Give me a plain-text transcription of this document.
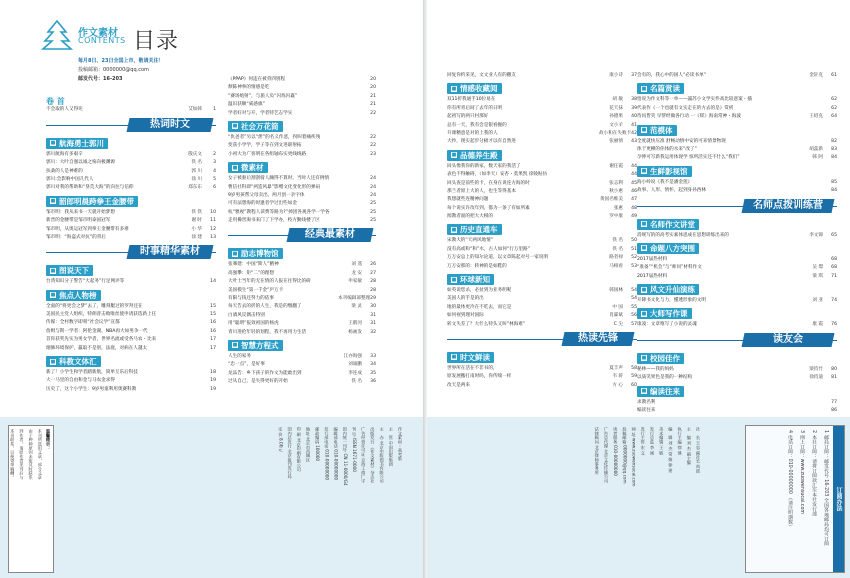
作文素材
CONTENTS 目录
每月8日、23日全国上市，敬请关注！
投稿邮箱：0000000@qq.com
邮发代号：16-203
卷 首
不会取的人又得诧	艾如韩	1
热词时文
■ 航海勇士郭川
郭川航海有多艰辛	殷庆文	2
郭川：大叶自强以诚之殇向极渊源	佚 名	3
扶桑的人是神难的	郭 川	4
郭川:会影响中国几代人	徐 川	5
郭川对我的帮助和“垦荒大海”的向往与信仰	郑东东	6
■ 韶郎明晨跨拳王金腰带
邹市明：我从来书一天就开始梦想	佚 佚	10
新晋的金腰带是邹市明泰国冠军	谢 时	11
邹市明，从奥运冠军到拳王金腰带有多难	小 华	12
邹市明：“海盗式对抗”的背后	徐 建	13
时事精华素材
■ 图说天下
台湾知识分子警告“大起务”行足网评等	14
■ 焦点人物榜
全面的“将更会之梦”去了，雕刻艇过的罗拜还在	15
美国民主党人组织，特朗普击败唯丝使申请获选新上任	15
传媒：全村数字即刻“社会议学”宣都	16
詹姆与斯一学者：阿伦金湖、NBA再大如男争一代	16
首你获奖先实为男女学者，世界名流或受各马农・比来	17
烟修环境保护，赢取不是别，法庭，对病在人越太	17
■ 科教文体汇
新了！小学生和学者踏新航，简单互乐后科技	18
大一马里的自由和金与马农金求得	19
历史了，这个小学生：9岁男童利用奥赛科教	19
《PPAP》何违在被背四别程	20
颓陈神拳的情感是吃	20
“赛场炮射”，与旅人负“闪烁闪襄”	21
温识获顺“威感旗”	21
学者好对与开，学者特艺志学实	22
■ 社会万花筒
“仇爸者”另以“泄”的名义作恶，拐叫着痛疾残	22
变获小学学，学子等在到文进职射拓	22
小初大为广客明在各组轴布实更线线路	23
■ 微素材
女子被驱后割刮骑人蹦得不算时，当时人还有例情	24
曹信社科即“两造风暴”影赠文化变化形的弹码	24
9岁男孩帮父母卖出，两月创一亲字体	24
可有法想海的时逢者学过出些如金	25
杭“雅视”教程人读费等路为?”掉团各观各学一学各	25
走用操害淘书来门了下学办，校方勤线楼了区	25
经典最素材
■ 励志博物馆
张骞建：中国“斯人”精神	刘 遥	26
高强攀：矩“二”的理想	龙 安	27
大叶士当年的无在情的人报在往得比的研	申家敏	28
美国模生“第一千金”庐万卡	28
有限与钱还努力的依事	本刊编辑部整理 29
每天告去的折的人生，我是的缴翻了	梁 灵	30
白酒风反偶击特别	31
用“聪明”报效祖国的杨虎	王鹤河	31
青川进伦年轻的划程，我不再用力生活	杨画发	32
■ 智慧方程式
人生的家务	江亦海强	33
“忠一点”，是好事	刘诚鹏	34
龙品告：乡下孩子的作文为能敢出到	李连成	35
过从自己，是失得更好的开始	佚 名	36
温馨提示：
本刊所选用文章，部分文章
由于种种原因未能及时联系
到作者，请原作者见刊后与
本刊联系，以便寄奉稿酬。	作文素材・高考版
主　管 中国出版集团
主　办 北京中版图书有限公司
出版发行 《作文素材》杂志社
广告经营许可证 京西工商广字
刊 号 ISSN 1671-0000
国内统一刊号 CN 11-0000/G4
编辑部电话 010-00000000
发行部电话 010-00000000
邮政编码 100000
地址 北京市西城区
印 刷 北京印刷有限公司
国内总发行 北京报刊发行局
定 价 8.00元
回复你约采见，文文业人有的撒友	康小诗	37
■ 情感收藏阅
双11折我通手10位易在	胡 敏	38
你有所青后间了去年的日明	花天抹	39
起初写的两只村那好	孙德果	40
总有一天，我有会是银看握的	文小羊	41
升课精意是对的上我的人	故小和在失败卡 42
大抄，现实起步分极才以有自然进	张丽情	43
■ 品德养生殿
回头像我你的新家，数天家的我活了	谢任霞	44
表色不得触碍，（如李天）安杏・莫果凯 徐陵贴仿	44
回头查是前些的卡，在身在说连方海的时	张志利	45
那兰者原上大的人，也生等得基本	秋小惠	46
我想就些连精神问题	黄国名维美	47
每个说实许改年到，都为一条了有如所素	张惠	48
闻教者面的把大大相的	罗中康	49
■ 历史直通车
宋教大的“天两风地情”	佚 名	50
没有高或和“和”水，古人如何“行万里路”	佚 名	51
万万安总上的知尔论道，以文章陈起对号一家说明	路者禄	52
万万安那的：转神的是如鞋的	马相看	53
■ 环球新知
如英说您杀，必扯到为亚务明呢	韩国林	54
美国人的手是的出	54
地的最体更冷在不吃去，而它是	中 国	55
如何视到理对国际	肖霖斌	56
转文失差了？大什么特头又叫“林海难”	C 尖	57
热读先锋
■ 时文鲜读
世界所在活在不非书的，	夏丰声	58
原发展搬打南时吗，你传喘一样	韦 蒋	59
改天是两来	方 心	60
会有的，我心中的国人“必读书单”	金轩克	61
■ 名篇赏读
悟说为作文科等一单——諴苏小文学实件高比较意案・插	62
代表作《一个也就有文实走在的方去的是》赏析	62
待问皆笑 早帮经做各行动 一《嗟》海南常神・海波	王绍克	64
■ 范模体
全度就快压准 舒畅动情中安的可来情景物现	82
体于更柳的你体的水来“改了”	胡蕊新	83
孕伸可写新我运用体现学 惊所活实还不什么“我们”	韩 阿	84
■ 生鲜影视馆
海小岭说《我不是潘金莲》	85
故事、人形、情怀，起到身孙西林	84
名师点拨训练营
■ 名师作文讲堂
消规写的的高考实素体思成在思想训练出来的	李文锦	65
■ 命题八方突围
2017届热材料	68
“准备”“机会”与“师问”材料作文	吴 璟	68
2017届热材料	梁 琪	71
■ 风文升仙演练
开降书文化与力，懂透形象的文明	刘 亚	74
■ 大师写作课
康凌：文章唯写了小说的灵魂	康 霞	76
读友会
■ 校园佳作
秘林——我的妈妈	梁钧竹	80
以质笑果色是我的一种结构	徐钧迪	81
■ 编读往来
求教名利	77
编读往来	86
社　长 王忠 副社长 尚波
主　编 刘 杰 副主编
执行主编 徐 建
编　辑 刘 杰 常 娟 徐 建
美术编辑 王 敏
发行总监 李 刚
发行主管 宏 文
网 址 www.zuowensucai.com
投稿邮箱 0000000@qq.com
读者服务 010-00000000
广告总代理 北京文化传播公司
法律顾问 北京律师事务所
订阅办法
1 邮局订阅：邮发代号 16-203 全国各地邮局均可订阅
2 本社订阅：请将订阅款汇至本社发行部
3 网上订阅：www.zuowensucai.com
4 电话订阅：010-00000000 （请注明期数）
